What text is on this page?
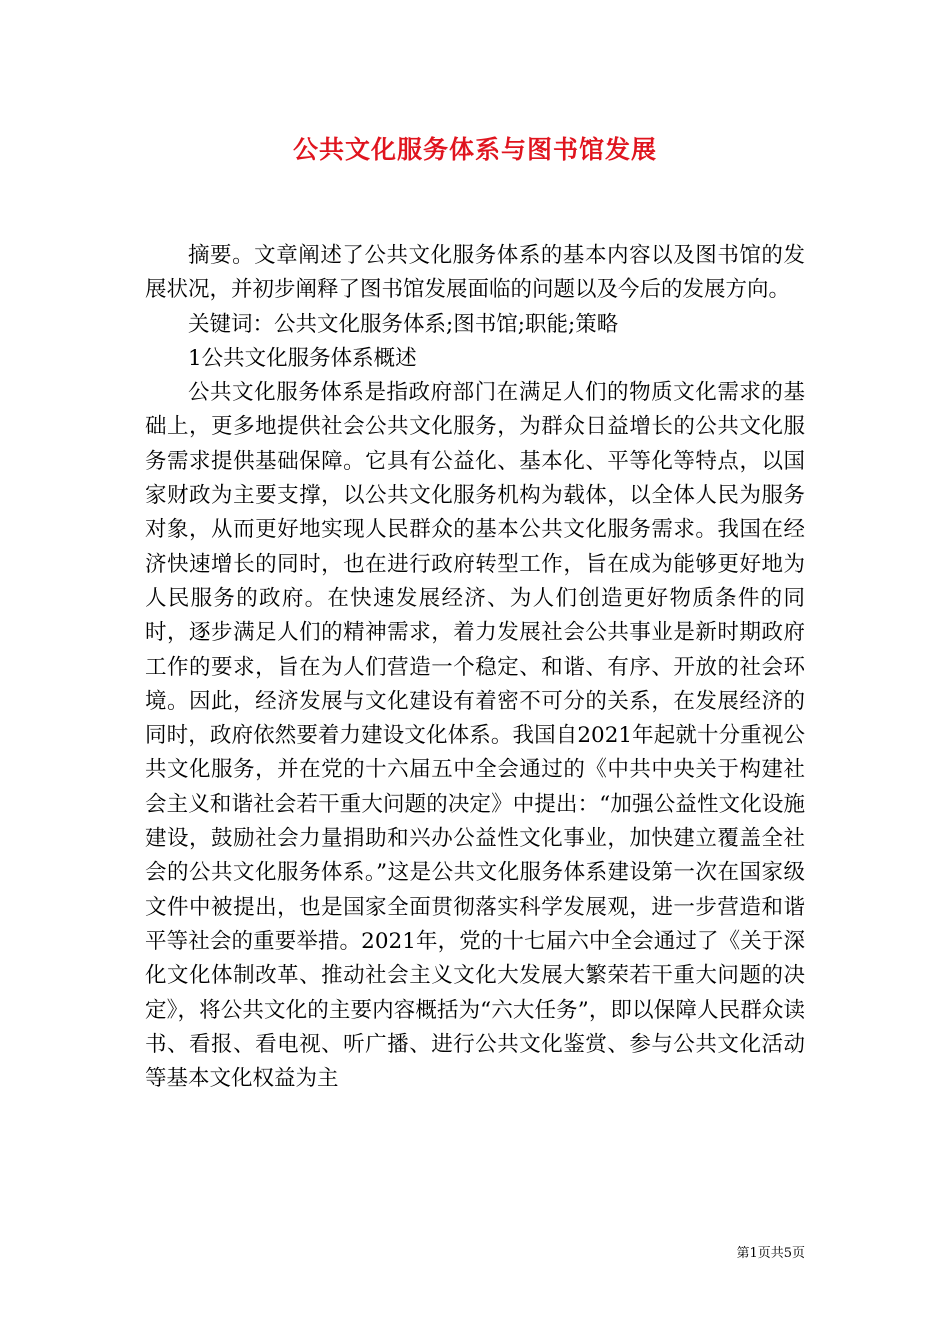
公共文化服务体系与图书馆发展

摘要。文章阐述了公共文化服务体系的基本内容以及图书馆的发展状况，并初步阐释了图书馆发展面临的问题以及今后的发展方向。

关键词：公共文化服务体系;图书馆;职能;策略

1公共文化服务体系概述

公共文化服务体系是指政府部门在满足人们的物质文化需求的基础上，更多地提供社会公共文化服务，为群众日益增长的公共文化服务需求提供基础保障。它具有公益化、基本化、平等化等特点，以国家财政为主要支撑，以公共文化服务机构为载体，以全体人民为服务对象，从而更好地实现人民群众的基本公共文化服务需求。我国在经济快速增长的同时，也在进行政府转型工作，旨在成为能够更好地为人民服务的政府。在快速发展经济、为人们创造更好物质条件的同时，逐步满足人们的精神需求，着力发展社会公共事业是新时期政府工作的要求，旨在为人们营造一个稳定、和谐、有序、开放的社会环境。因此，经济发展与文化建设有着密不可分的关系，在发展经济的同时，政府依然要着力建设文化体系。我国自2021年起就十分重视公共文化服务，并在党的十六届五中全会通过的《中共中央关于构建社会主义和谐社会若干重大问题的决定》中提出：“加强公益性文化设施建设，鼓励社会力量捐助和兴办公益性文化事业，加快建立覆盖全社会的公共文化服务体系。”这是公共文化服务体系建设第一次在国家级文件中被提出，也是国家全面贯彻落实科学发展观，进一步营造和谐平等社会的重要举措。2021年，党的十七届六中全会通过了《关于深化文化体制改革、推动社会主义文化大发展大繁荣若干重大问题的决定》，将公共文化的主要内容概括为“六大任务”，即以保障人民群众读书、看报、看电视、听广播、进行公共文化鉴赏、参与公共文化活动等基本文化权益为主

第1页共5页
